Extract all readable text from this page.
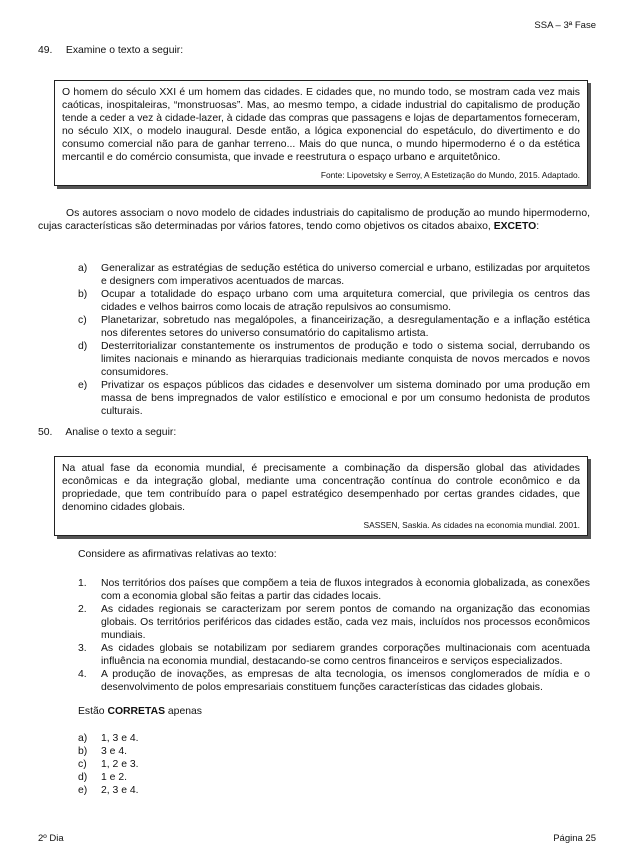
SSA – 3ª Fase
49. Examine o texto a seguir:

O homem do século XXI é um homem das cidades. E cidades que, no mundo todo, se mostram cada vez mais caóticas, inospitaleiras, “monstruosas”. Mas, ao mesmo tempo, a cidade industrial do capitalismo de produção tende a ceder a vez à cidade-lazer, à cidade das compras que passagens e lojas de departamentos forneceram, no século XIX, o modelo inaugural. Desde então, a lógica exponencial do espetáculo, do divertimento e do consumo comercial não para de ganhar terreno... Mais do que nunca, o mundo hipermoderno é o da estética mercantil e do comércio consumista, que invade e reestrutura o espaço urbano e arquitetônico.

Fonte: Lipovetsky e Serroy, A Estetização do Mundo, 2015. Adaptado.
Os autores associam o novo modelo de cidades industriais do capitalismo de produção ao mundo hipermoderno, cujas características são determinadas por vários fatores, tendo como objetivos os citados abaixo, EXCETO:
a) Generalizar as estratégias de sedução estética do universo comercial e urbano, estilizadas por arquitetos e designers com imperativos acentuados de marcas.
b) Ocupar a totalidade do espaço urbano com uma arquitetura comercial, que privilegia os centros das cidades e velhos bairros como locais de atração repulsivos ao consumismo.
c) Planetarizar, sobretudo nas megalópoles, a financeirização, a desregulamentação e a inflação estética nos diferentes setores do universo consumatório do capitalismo artista.
d) Desterritorializar constantemente os instrumentos de produção e todo o sistema social, derrubando os limites nacionais e minando as hierarquias tradicionais mediante conquista de novos mercados e novos consumidores.
e) Privatizar os espaços públicos das cidades e desenvolver um sistema dominado por uma produção em massa de bens impregnados de valor estilístico e emocional e por um consumo hedonista de produtos culturais.
50. Analise o texto a seguir:

Na atual fase da economia mundial, é precisamente a combinação da dispersão global das atividades econômicas e da integração global, mediante uma concentração contínua do controle econômico e da propriedade, que tem contribuído para o papel estratégico desempenhado por certas grandes cidades, que denomino cidades globais.

SASSEN, Saskia. As cidades na economia mundial. 2001.
Considere as afirmativas relativas ao texto:
1. Nos territórios dos países que compõem a teia de fluxos integrados à economia globalizada, as conexões com a economia global são feitas a partir das cidades locais.
2. As cidades regionais se caracterizam por serem pontos de comando na organização das economias globais. Os territórios periféricos das cidades estão, cada vez mais, incluídos nos processos econômicos mundiais.
3. As cidades globais se notabilizam por sediarem grandes corporações multinacionais com acentuada influência na economia mundial, destacando-se como centros financeiros e serviços especializados.
4. A produção de inovações, as empresas de alta tecnologia, os imensos conglomerados de mídia e o desenvolvimento de polos empresariais constituem funções características das cidades globais.
Estão CORRETAS apenas
a) 1, 3 e 4.
b) 3 e 4.
c) 1, 2 e 3.
d) 1 e 2.
e) 2, 3 e 4.
2º Dia	Página 25
